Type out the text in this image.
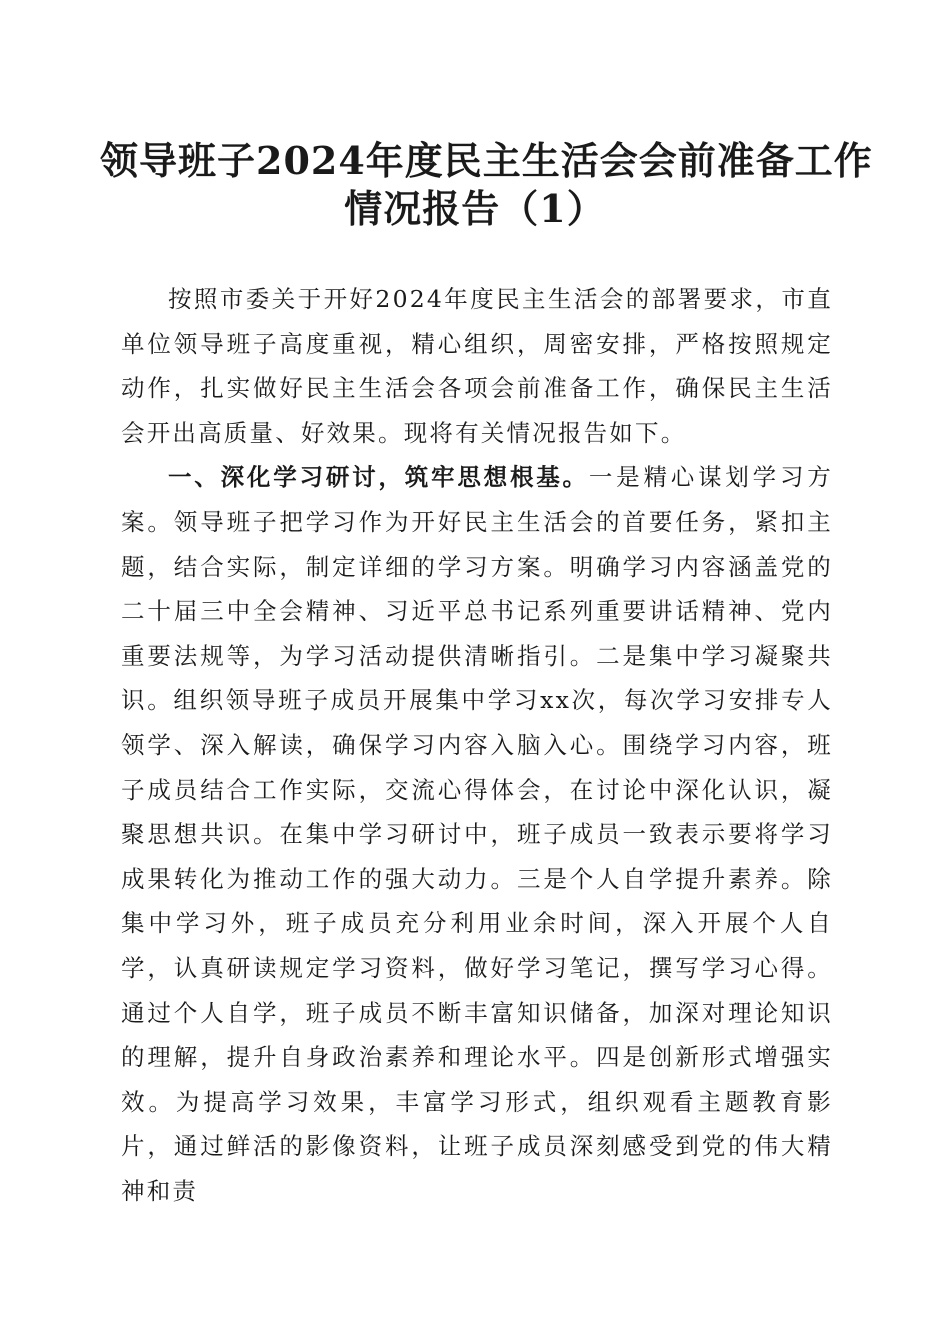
领导班子2024年度民主生活会会前准备工作
情况报告（1）

按照市委关于开好2024年度民主生活会的部署要求，市直单位领导班子高度重视，精心组织，周密安排，严格按照规定动作，扎实做好民主生活会各项会前准备工作，确保民主生活会开出高质量、好效果。现将有关情况报告如下。

一、深化学习研讨，筑牢思想根基。一是精心谋划学习方案。领导班子把学习作为开好民主生活会的首要任务，紧扣主题，结合实际，制定详细的学习方案。明确学习内容涵盖党的二十届三中全会精神、习近平总书记系列重要讲话精神、党内重要法规等，为学习活动提供清晰指引。二是集中学习凝聚共识。组织领导班子成员开展集中学习xx次，每次学习安排专人领学、深入解读，确保学习内容入脑入心。围绕学习内容，班子成员结合工作实际，交流心得体会，在讨论中深化认识，凝聚思想共识。在集中学习研讨中，班子成员一致表示要将学习成果转化为推动工作的强大动力。三是个人自学提升素养。除集中学习外，班子成员充分利用业余时间，深入开展个人自学，认真研读规定学习资料，做好学习笔记，撰写学习心得。通过个人自学，班子成员不断丰富知识储备，加深对理论知识的理解，提升自身政治素养和理论水平。四是创新形式增强实效。为提高学习效果，丰富学习形式，组织观看主题教育影片，通过鲜活的影像资料，让班子成员深刻感受到党的伟大精神和责
